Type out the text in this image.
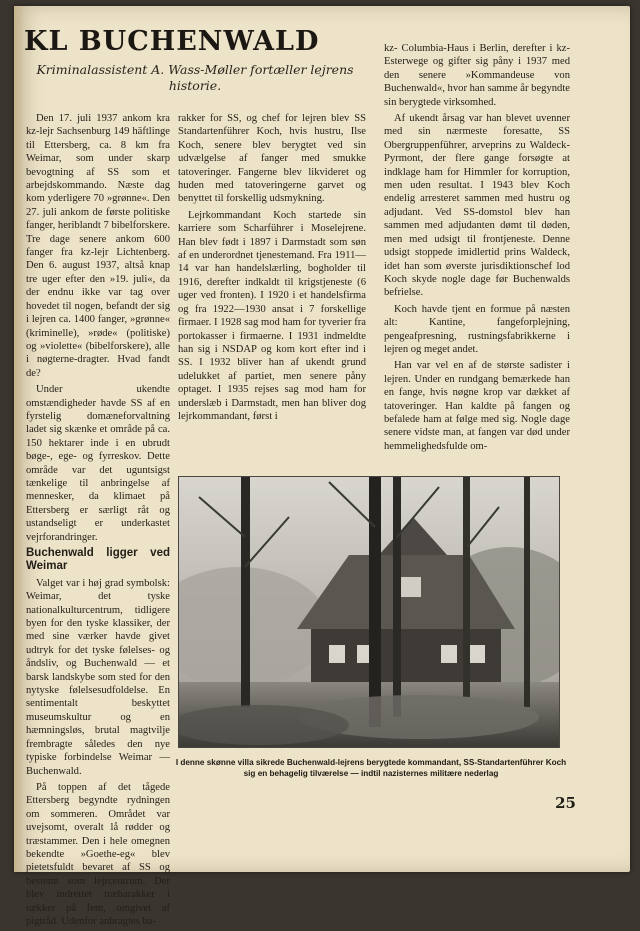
KL BUCHENWALD
Kriminalassistent A. Wass-Møller fortæller lejrens historie.

Den 17. juli 1937 ankom kra kz-lejr Sachsenburg 149 häftlinge til Ettersberg, ca. 8 km fra Weimar, som under skarp bevogtning af SS som et arbejdskommando. Næste dag kom yderligere 70 »grønne«. Den 27. juli ankom de første politiske fanger, heriblandt 7 bibelforskere. Tre dage senere ankom 600 fanger fra kz-lejr Lichtenberg. Den 6. august 1937, altså knap tre uger efter den »19. juli«, da der endnu ikke var tag over hovedet til nogen, befandt der sig i lejren ca. 1400 fanger, »grønne« (kriminelle), »røde« (politiske) og »violette« (bibelforskere), alle i nøgterne-dragter. Hvad fandt de?

Under ukendte omstændigheder havde SS af en fyrstelig domæneforvaltning ladet sig skænke et område på ca. 150 hektarer inde i en ubrudt bøge-, ege- og fyrreskov. Dette område var det uguntsigst tænkelige til anbringelse af mennesker, da klimaet på Ettersberg er særligt råt og ustandseligt er underkastet vejrforandringer.

Buchenwald ligger ved Weimar

Valget var i høj grad symbolsk: Weimar, det tyske nationalkulturcentrum, tidligere byen for den tyske klassiker, der med sine værker havde givet udtryk for det tyske følelses- og åndsliv, og Buchenwald — et barsk landskybe som sted for den nytyske følelsesudfoldelse. En sentimentalt beskyttet museumskultur og en hæmningsløs, brutal magtvilje frembragte således den nye typiske forbindelse Weimar — Buchenwald.

På toppen af det tågede Ettersberg begyndte rydningen om sommeren. Området var uvejsomt, overalt lå rødder og træstammer. Den i hele omegnen bekendte »Goethe-eg« blev pietetsfuldt bevaret af SS og bestemt som lejrcentrum. Der blev indrettet træbarakker i rækker på fem, omgivet af pigtråd. Udenfor anbragtes ba-

rakker for SS, og chef for lejren blev SS Standartenführer Koch, hvis hustru, Ilse Koch, senere blev berygtet ved sin udvælgelse af fanger med smukke tatoveringer. Fangerne blev likvideret og huden med tatoveringerne garvet og benyttet til forskellig udsmykning.

Lejrkommandant Koch startede sin karriere som Scharführer i Moselejrene. Han blev født i 1897 i Darmstadt som søn af en underordnet tjenestemand. Fra 1911—14 var han handelslærling, bogholder til 1916, derefter indkaldt til krigstjeneste (6 uger ved fronten). I 1920 i et handelsfirma og fra 1922—1930 ansat i 7 forskellige firmaer. I 1928 sag mod ham for tyverier fra portokasser i firmaerne. I 1931 indmeldte han sig i NSDAP og kom kort efter ind i SS. I 1932 bliver han af ukendt grund udelukket af partiet, men senere påny optaget. I 1935 rejses sag mod ham for underslæb i Darmstadt, men han bliver dog lejrkommandant, først i

kz- Columbia-Haus i Berlin, derefter i kz-Esterwege og gifter sig påny i 1937 med den senere »Kommandeuse von Buchenwald«, hvor han samme år begyndte sin berygtede virksomhed.

Af ukendt årsag var han blevet uvenner med sin nærmeste foresatte, SS Obergruppenführer, arveprins zu Waldeck-Pyrmont, der flere gange forsøgte at indklage ham for Himmler for korruption, men uden resultat. I 1943 blev Koch endelig arresteret sammen med hustru og adjudant. Ved SS-domstol blev han sammen med adjudanten dømt til døden, men med udsigt til frontjeneste. Denne udsigt stoppede imidlertid prins Waldeck, idet han som øverste jurisdiktionschef lod Koch skyde nogle dage før Buchenwalds befrielse.

Koch havde tjent en formue på næsten alt: Kantine, fangeforplejning, pengeafpresning, rustningsfabrikkerne i lejren og meget andet.

Han var vel en af de største sadister i lejren. Under en rundgang bemærkede han en fange, hvis nøgne krop var dækket af tatoveringer. Han kaldte på fangen og befalede ham at følge med sig. Nogle dage senere vidste man, at fangen var død under hemmelighedsfulde om-

I denne skønne villa sikrede Buchenwald-lejrens berygtede kommandant, SS-Standartenführer Koch sig en behagelig tilværelse — indtil nazisternes militære nederlag
25
